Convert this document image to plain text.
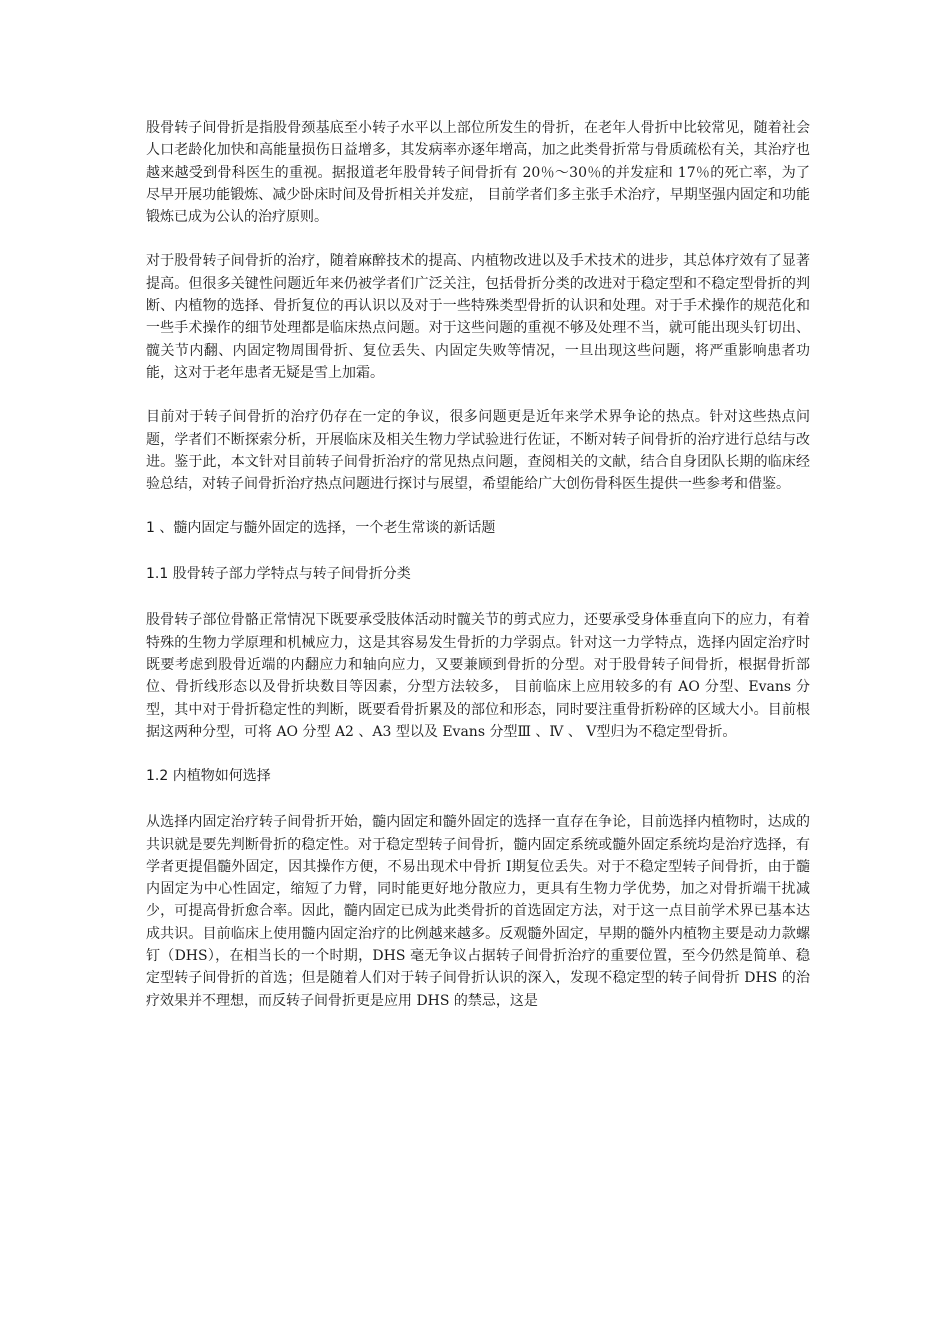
股骨转子间骨折是指股骨颈基底至小转子水平以上部位所发生的骨折，在老年人骨折中比较常见，随着社会人口老龄化加快和高能量损伤日益增多，其发病率亦逐年增高，加之此类骨折常与骨质疏松有关，其治疗也越来越受到骨科医生的重视。据报道老年股骨转子间骨折有 20％～30％的并发症和 17％的死亡率，为了尽早开展功能锻炼、减少卧床时间及骨折相关并发症， 目前学者们多主张手术治疗，早期坚强内固定和功能锻炼已成为公认的治疗原则。

对于股骨转子间骨折的治疗，随着麻醉技术的提高、内植物改进以及手术技术的进步，其总体疗效有了显著提高。但很多关键性问题近年来仍被学者们广泛关注，包括骨折分类的改进对于稳定型和不稳定型骨折的判断、内植物的选择、骨折复位的再认识以及对于一些特殊类型骨折的认识和处理。对于手术操作的规范化和一些手术操作的细节处理都是临床热点问题。对于这些问题的重视不够及处理不当，就可能出现头钉切出、髋关节内翻、内固定物周围骨折、复位丢失、内固定失败等情况，一旦出现这些问题，将严重影响患者功能，这对于老年患者无疑是雪上加霜。

目前对于转子间骨折的治疗仍存在一定的争议，很多问题更是近年来学术界争论的热点。针对这些热点问题，学者们不断探索分析，开展临床及相关生物力学试验进行佐证，不断对转子间骨折的治疗进行总结与改进。鉴于此，本文针对目前转子间骨折治疗的常见热点问题，查阅相关的文献，结合自身团队长期的临床经验总结，对转子间骨折治疗热点问题进行探讨与展望，希望能给广大创伤骨科医生提供一些参考和借鉴。

1 、髓内固定与髓外固定的选择，一个老生常谈的新话题

1.1 股骨转子部力学特点与转子间骨折分类

股骨转子部位骨骼正常情况下既要承受肢体活动时髋关节的剪式应力，还要承受身体垂直向下的应力，有着特殊的生物力学原理和机械应力，这是其容易发生骨折的力学弱点。针对这一力学特点，选择内固定治疗时既要考虑到股骨近端的内翻应力和轴向应力，又要兼顾到骨折的分型。对于股骨转子间骨折，根据骨折部位、骨折线形态以及骨折块数目等因素，分型方法较多， 目前临床上应用较多的有 AO 分型、Evans 分型，其中对于骨折稳定性的判断，既要看骨折累及的部位和形态，同时要注重骨折粉碎的区域大小。目前根据这两种分型，可将 AO 分型 A2 、A3 型以及 Evans 分型Ⅲ 、Ⅳ 、 Ⅴ型归为不稳定型骨折。

1.2 内植物如何选择

从选择内固定治疗转子间骨折开始，髓内固定和髓外固定的选择一直存在争论，目前选择内植物时，达成的共识就是要先判断骨折的稳定性。对于稳定型转子间骨折，髓内固定系统或髓外固定系统均是治疗选择，有学者更提倡髓外固定，因其操作方便，不易出现术中骨折 Ⅰ期复位丢失。对于不稳定型转子间骨折，由于髓内固定为中心性固定，缩短了力臂，同时能更好地分散应力，更具有生物力学优势，加之对骨折端干扰减少，可提高骨折愈合率。因此，髓内固定已成为此类骨折的首选固定方法，对于这一点目前学术界已基本达成共识。目前临床上使用髓内固定治疗的比例越来越多。反观髓外固定，早期的髓外内植物主要是动力款螺钉（DHS），在相当长的一个时期，DHS 毫无争议占据转子间骨折治疗的重要位置，至今仍然是简单、稳定型转子间骨折的首选；但是随着人们对于转子间骨折认识的深入，发现不稳定型的转子间骨折 DHS 的治疗效果并不理想，而反转子间骨折更是应用 DHS 的禁忌，这是
